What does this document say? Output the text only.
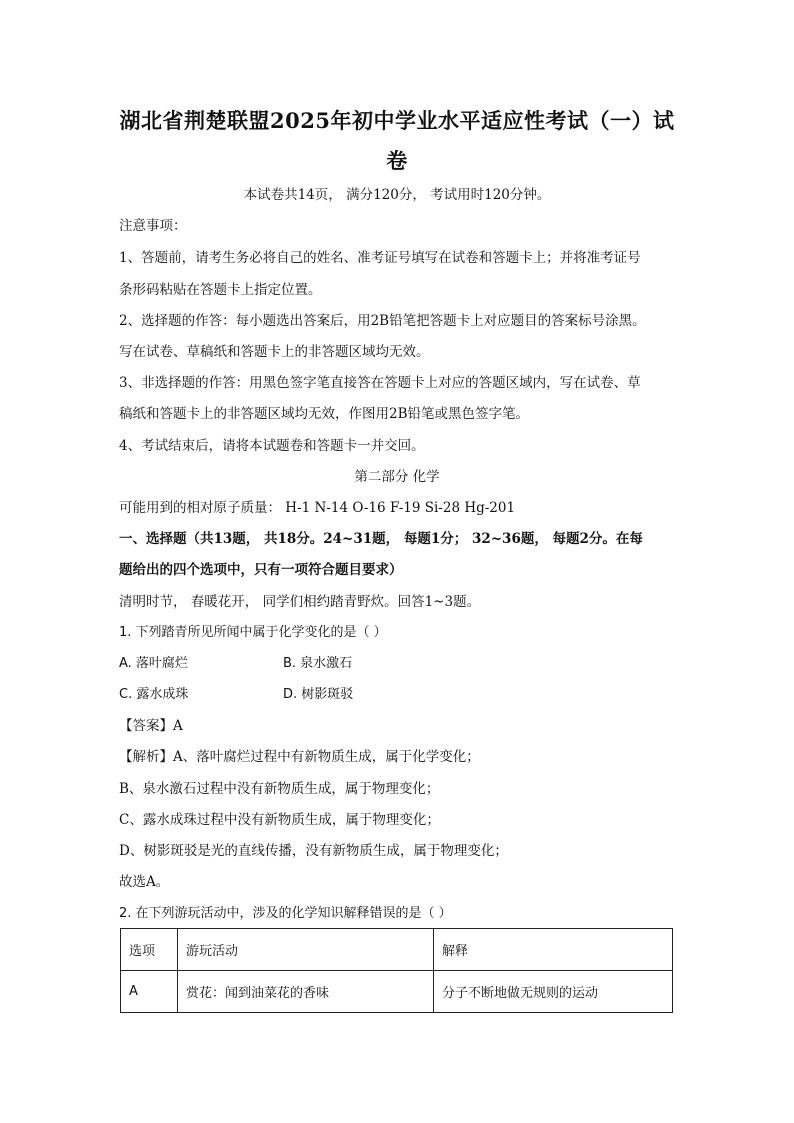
湖北省荆楚联盟2025年初中学业水平适应性考试（一）试
卷
本试卷共14页， 满分120分， 考试用时120分钟。
注意事项：
1、答题前，请考生务必将自己的姓名、准考证号填写在试卷和答题卡上；并将准考证号
条形码粘贴在答题卡上指定位置。
2、选择题的作答：每小题选出答案后，用2B铅笔把答题卡上对应题目的答案标号涂黑。
写在试卷、草稿纸和答题卡上的非答题区域均无效。
3、非选择题的作答：用黑色签字笔直接答在答题卡上对应的答题区域内，写在试卷、草
稿纸和答题卡上的非答题区域均无效，作图用2B铅笔或黑色签字笔。
4、考试结束后，请将本试题卷和答题卡一并交回。
第二部分 化学
可能用到的相对原子质量： H-1 N-14 O-16 F-19 Si-28 Hg-201
一、选择题（共13题， 共18分。24~31题， 每题1分； 32~36题， 每题2分。在每
题给出的四个选项中，只有一项符合题目要求）
清明时节， 春暖花开， 同学们相约踏青野炊。回答1~3题。
1. 下列踏青所见所闻中属于化学变化的是（ ）
A. 落叶腐烂	B. 泉水激石
C. 露水成珠	D. 树影斑驳
【答案】A
【解析】A、落叶腐烂过程中有新物质生成，属于化学变化；
B、泉水激石过程中没有新物质生成，属于物理变化；
C、露水成珠过程中没有新物质生成，属于物理变化；
D、树影斑驳是光的直线传播，没有新物质生成，属于物理变化；
故选A。
2. 在下列游玩活动中，涉及的化学知识解释错误的是（ ）
选项	游玩活动	解释
A	赏花：闻到油菜花的香味	分子不断地做无规则的运动
